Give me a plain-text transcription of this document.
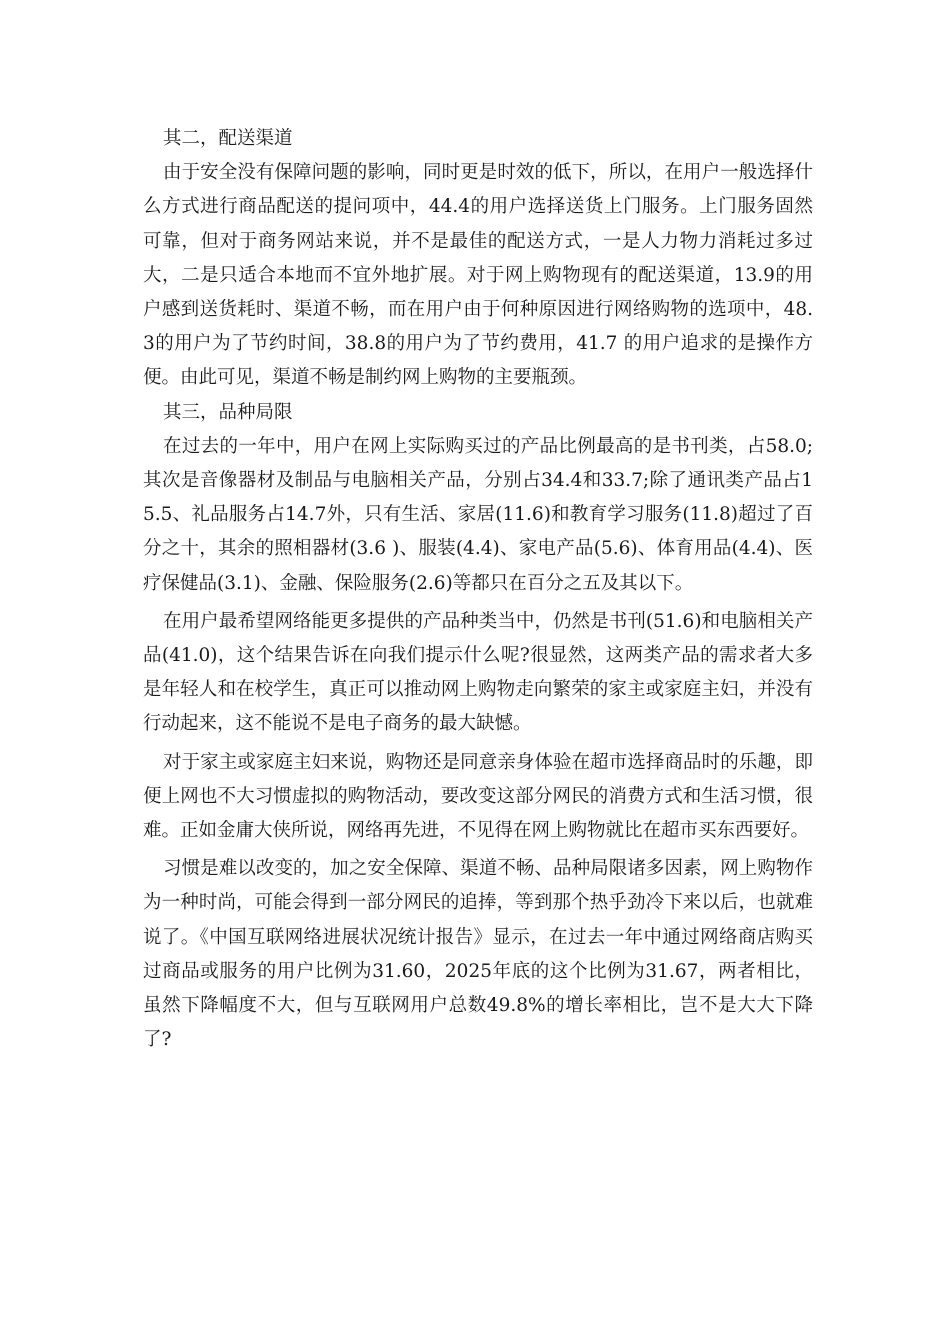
其二，配送渠道

由于安全没有保障问题的影响，同时更是时效的低下，所以，在用户一般选择什么方式进行商品配送的提问项中，44.4的用户选择送货上门服务。上门服务固然可靠，但对于商务网站来说，并不是最佳的配送方式，一是人力物力消耗过多过大，二是只适合本地而不宜外地扩展。对于网上购物现有的配送渠道，13.9的用户感到送货耗时、渠道不畅，而在用户由于何种原因进行网络购物的选项中，48.3的用户为了节约时间，38.8的用户为了节约费用，41.7 的用户追求的是操作方便。由此可见，渠道不畅是制约网上购物的主要瓶颈。

其三，品种局限

在过去的一年中，用户在网上实际购买过的产品比例最高的是书刊类，占58.0;其次是音像器材及制品与电脑相关产品，分别占34.4和33.7;除了通讯类产品占15.5、礼品服务占14.7外，只有生活、家居(11.6)和教育学习服务(11.8)超过了百分之十，其余的照相器材(3.6 )、服装(4.4)、家电产品(5.6)、体育用品(4.4)、医疗保健品(3.1)、金融、保险服务(2.6)等都只在百分之五及其以下。

在用户最希望网络能更多提供的产品种类当中，仍然是书刊(51.6)和电脑相关产品(41.0)，这个结果告诉在向我们提示什么呢?很显然，这两类产品的需求者大多是年轻人和在校学生，真正可以推动网上购物走向繁荣的家主或家庭主妇，并没有行动起来，这不能说不是电子商务的最大缺憾。

对于家主或家庭主妇来说，购物还是同意亲身体验在超市选择商品时的乐趣，即便上网也不大习惯虚拟的购物活动，要改变这部分网民的消费方式和生活习惯，很难。正如金庸大侠所说，网络再先进，不见得在网上购物就比在超市买东西要好。

习惯是难以改变的，加之安全保障、渠道不畅、品种局限诸多因素，网上购物作为一种时尚，可能会得到一部分网民的追捧，等到那个热乎劲冷下来以后，也就难说了。《中国互联网络进展状况统计报告》显示，在过去一年中通过网络商店购买过商品或服务的用户比例为31.60，2025年底的这个比例为31.67，两者相比，虽然下降幅度不大，但与互联网用户总数49.8%的增长率相比，岂不是大大下降了?
